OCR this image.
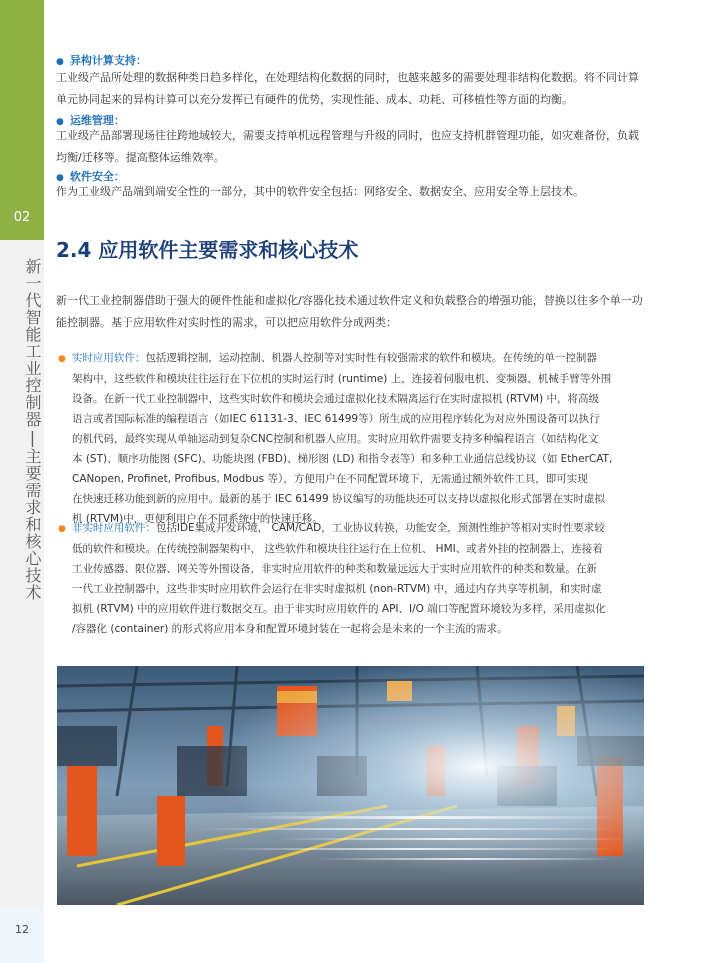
02
新一代智能工业控制器|主要需求和核心技术
12
● 异构计算支持：
工业级产品所处理的数据种类日趋多样化，在处理结构化数据的同时，也越来越多的需要处理非结构化数据。将不同计算
单元协同起来的异构计算可以充分发挥已有硬件的优势，实现性能、成本、功耗、可移植性等方面的均衡。
● 运维管理：
工业级产品部署现场往往跨地域较大，需要支持单机远程管理与升级的同时，也应支持机群管理功能，如灾难备份，负载
均衡/迁移等。提高整体运维效率。
● 软件安全：
作为工业级产品端到端安全性的一部分，其中的软件安全包括：网络安全、数据安全、应用安全等上层技术。
2.4 应用软件主要需求和核心技术
新一代工业控制器借助于强大的硬件性能和虚拟化/容器化技术通过软件定义和负载整合的增强功能，替换以往多个单一功
能控制器。基于应用软件对实时性的需求，可以把应用软件分成两类：
● 实时应用软件：包括逻辑控制，运动控制、机器人控制等对实时性有较强需求的软件和模块。在传统的单一控制器
架构中，这些软件和模块往往运行在下位机的实时运行时 (runtime) 上，连接着伺服电机、变频器、机械手臂等外围
设备。在新一代工业控制器中，这些实时软件和模块会通过虚拟化技术隔离运行在实时虚拟机 (RTVM) 中，将高级
语言或者国际标准的编程语言（如IEC 61131-3、IEC 61499等）所生成的应用程序转化为对应外围设备可以执行
的机代码，最终实现从单轴运动到复杂CNC控制和机器人应用。实时应用软件需要支持多种编程语言（如结构化文
本 (ST)、顺序功能图 (SFC)、功能块图 (FBD)、梯形图 (LD) 和指令表等）和多种工业通信总线协议（如 EtherCAT,
CANopen, Profinet, Profibus, Modbus 等），方便用户在不同配置环境下，无需通过额外软件工具，即可实现
在快速迁移功能到新的应用中。最新的基于 IEC 61499 协议编写的功能块还可以支持以虚拟化形式部署在实时虚拟
机 (RTVM)中，更便利用户在不同系统中的快速迁移。
● 非实时应用软件：包括IDE集成开发环境， CAM/CAD，工业协议转换，功能安全，预测性维护等相对实时性要求较
低的软件和模块。在传统控制器架构中， 这些软件和模块往往运行在上位机、 HMI、或者外挂的控制器上，连接着
工业传感器、限位器、网关等外围设备，非实时应用软件的种类和数量远远大于实时应用软件的种类和数量。在新
一代工业控制器中，这些非实时应用软件会运行在非实时虚拟机 (non-RTVM) 中，通过内存共享等机制，和实时虚
拟机 (RTVM) 中的应用软件进行数据交互。由于非实时应用软件的 API、I/O 端口等配置环境较为多样，采用虚拟化
/容器化 (container) 的形式将应用本身和配置环境封装在一起将会是未来的一个主流的需求。
